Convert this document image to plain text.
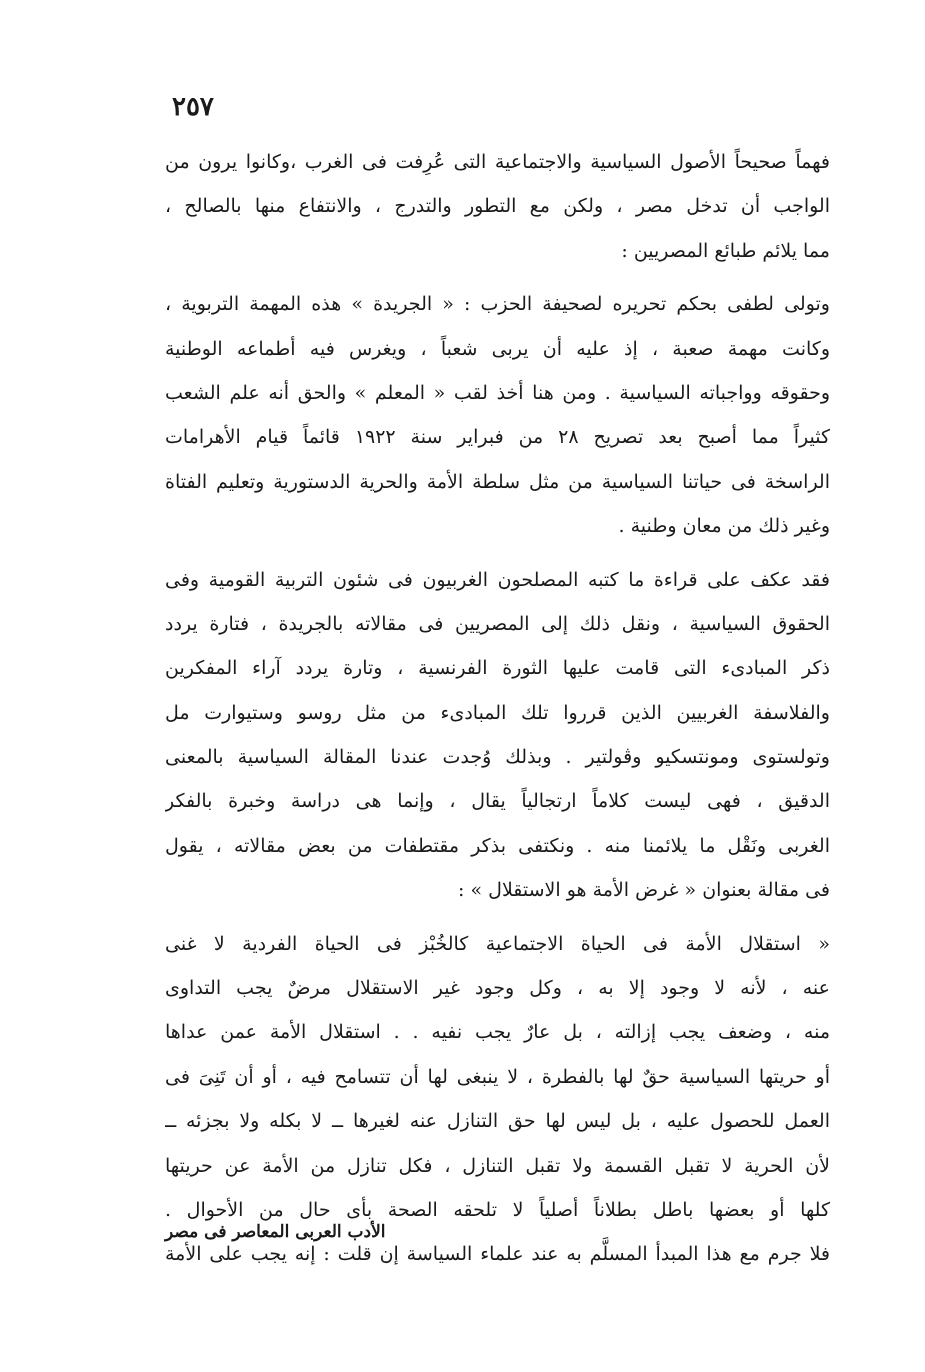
٢٥٧

فهماً صحيحاً الأصول السياسية والاجتماعية التى عُرِفت فى الغرب ،وكانوا يرون من
الواجب أن تدخل مصر ، ولكن مع التطور والتدرج ، والانتفاع منها بالصالح ،
مما يلائم طبائع المصريين :

وتولى لطفى بحكم تحريره لصحيفة الحزب : « الجريدة » هذه المهمة التربوية ،
وكانت مهمة صعبة ، إذ عليه أن يربى شعباً ، ويغرس فيه أطماعه الوطنية
وحقوقه وواجباته السياسية . ومن هنا أخذ لقب « المعلم » والحق أنه علم الشعب
كثيراً مما أصبح بعد تصريح ٢٨ من فبراير سنة ١٩٢٢ قائماً قيام الأهرامات
الراسخة فى حياتنا السياسية من مثل سلطة الأمة والحرية الدستورية وتعليم الفتاة
وغير ذلك من معان وطنية .

فقد عكف على قراءة ما كتبه المصلحون الغربيون فى شئون التربية القومية وفى
الحقوق السياسية ، ونقل ذلك إلى المصريين فى مقالاته بالجريدة ، فتارة يردد
ذكر المبادىء التى قامت عليها الثورة الفرنسية ، وتارة يردد آراء المفكرين
والفلاسفة الغربيين الذين قرروا تلك المبادىء من مثل روسو وستيوارت مل
وتولستوى ومونتسكيو وڤولتير . وبذلك وُجدت عندنا المقالة السياسية بالمعنى
الدقيق ، فهى ليست كلاماً ارتجالياً يقال ، وإنما هى دراسة وخبرة بالفكر
الغربى ونَقْل ما يلائمنا منه . ونكتفى بذكر مقتطفات من بعض مقالاته ، يقول
فى مقالة بعنوان « غرض الأمة هو الاستقلال » :

« استقلال الأمة فى الحياة الاجتماعية كالخُبْز فى الحياة الفردية لا غنى
عنه ، لأنه لا وجود إلا به ، وكل وجود غير الاستقلال مرضٌ يجب التداوى
منه ، وضعف يجب إزالته ، بل عارٌ يجب نفيه . . استقلال الأمة عمن عداها
أو حريتها السياسية حقٌ لها بالفطرة ، لا ينبغى لها أن تتسامح فيه ، أو أن تَنِىَ فى
العمل للحصول عليه ، بل ليس لها حق التنازل عنه لغيرها ــ لا بكله ولا بجزئه ــ
لأن الحرية لا تقبل القسمة ولا تقبل التنازل ، فكل تنازل من الأمة عن حريتها
كلها أو بعضها باطل بطلاناً أصلياً لا تلحقه الصحة بأى حال من الأحوال .
فلا جرم مع هذا المبدأ المسلَّم به عند علماء السياسة إن قلت : إنه يجب على الأمة

الأدب العربى المعاصر فى مصر
